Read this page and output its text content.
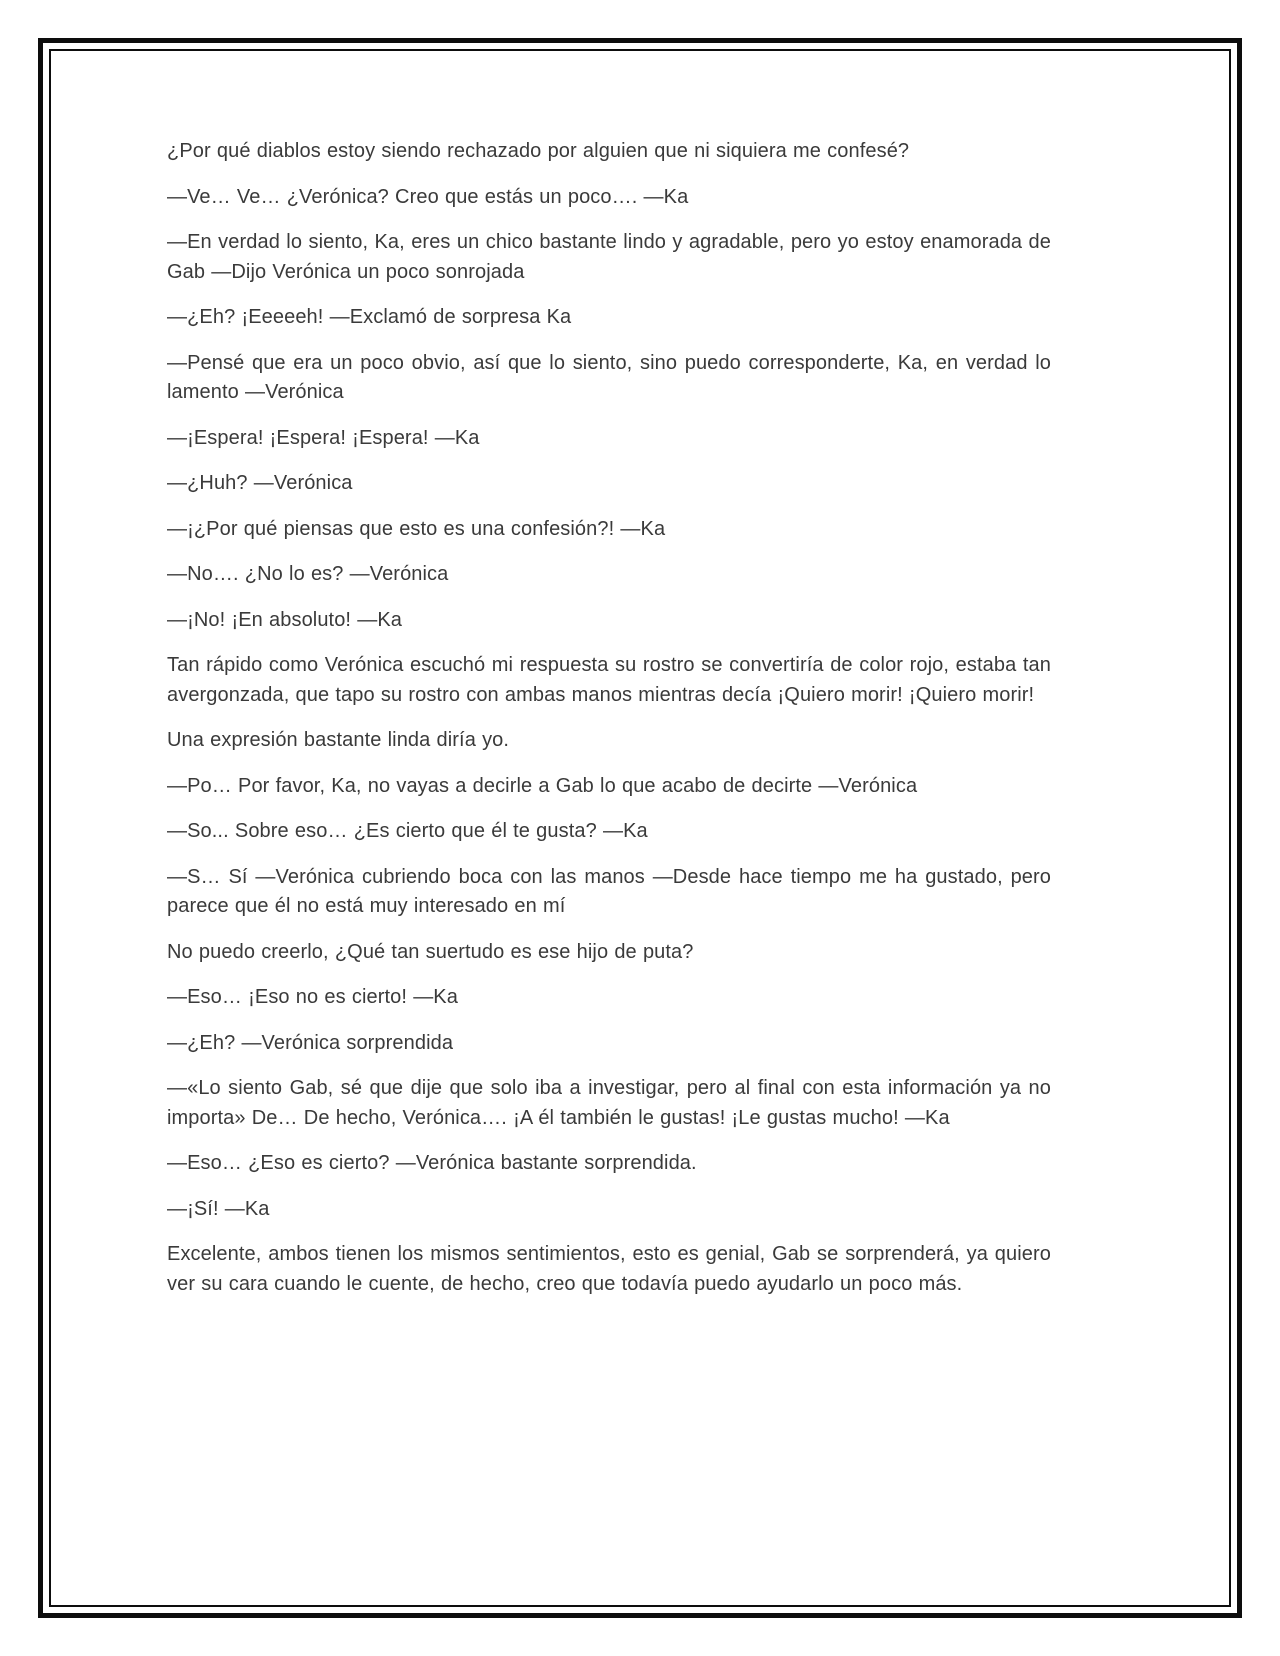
¿Por qué diablos estoy siendo rechazado por alguien que ni siquiera me confesé?

—Ve… Ve… ¿Verónica? Creo que estás un poco…. —Ka

—En verdad lo siento, Ka, eres un chico bastante lindo y agradable, pero yo estoy enamorada de Gab —Dijo Verónica un poco sonrojada

—¿Eh? ¡Eeeeeh! —Exclamó de sorpresa Ka

—Pensé que era un poco obvio, así que lo siento, sino puedo corresponderte, Ka, en verdad lo lamento —Verónica

—¡Espera! ¡Espera! ¡Espera! —Ka

—¿Huh? —Verónica

—¡¿Por qué piensas que esto es una confesión?! —Ka

—No…. ¿No lo es? —Verónica

—¡No! ¡En absoluto! —Ka

Tan rápido como Verónica escuchó mi respuesta su rostro se convertiría de color rojo, estaba tan avergonzada, que tapo su rostro con ambas manos mientras decía ¡Quiero morir! ¡Quiero morir!

Una expresión bastante linda diría yo.

—Po… Por favor, Ka, no vayas a decirle a Gab lo que acabo de decirte —Verónica

—So... Sobre eso… ¿Es cierto que él te gusta? —Ka

—S… Sí —Verónica cubriendo boca con las manos —Desde hace tiempo me ha gustado, pero parece que él no está muy interesado en mí

No puedo creerlo, ¿Qué tan suertudo es ese hijo de puta?

—Eso… ¡Eso no es cierto! —Ka

—¿Eh? —Verónica sorprendida

—«Lo siento Gab, sé que dije que solo iba a investigar, pero al final con esta información ya no importa» De… De hecho, Verónica…. ¡A él también le gustas! ¡Le gustas mucho! —Ka

—Eso… ¿Eso es cierto? —Verónica bastante sorprendida.

—¡Sí! —Ka

Excelente, ambos tienen los mismos sentimientos, esto es genial, Gab se sorprenderá, ya quiero ver su cara cuando le cuente, de hecho, creo que todavía puedo ayudarlo un poco más.
